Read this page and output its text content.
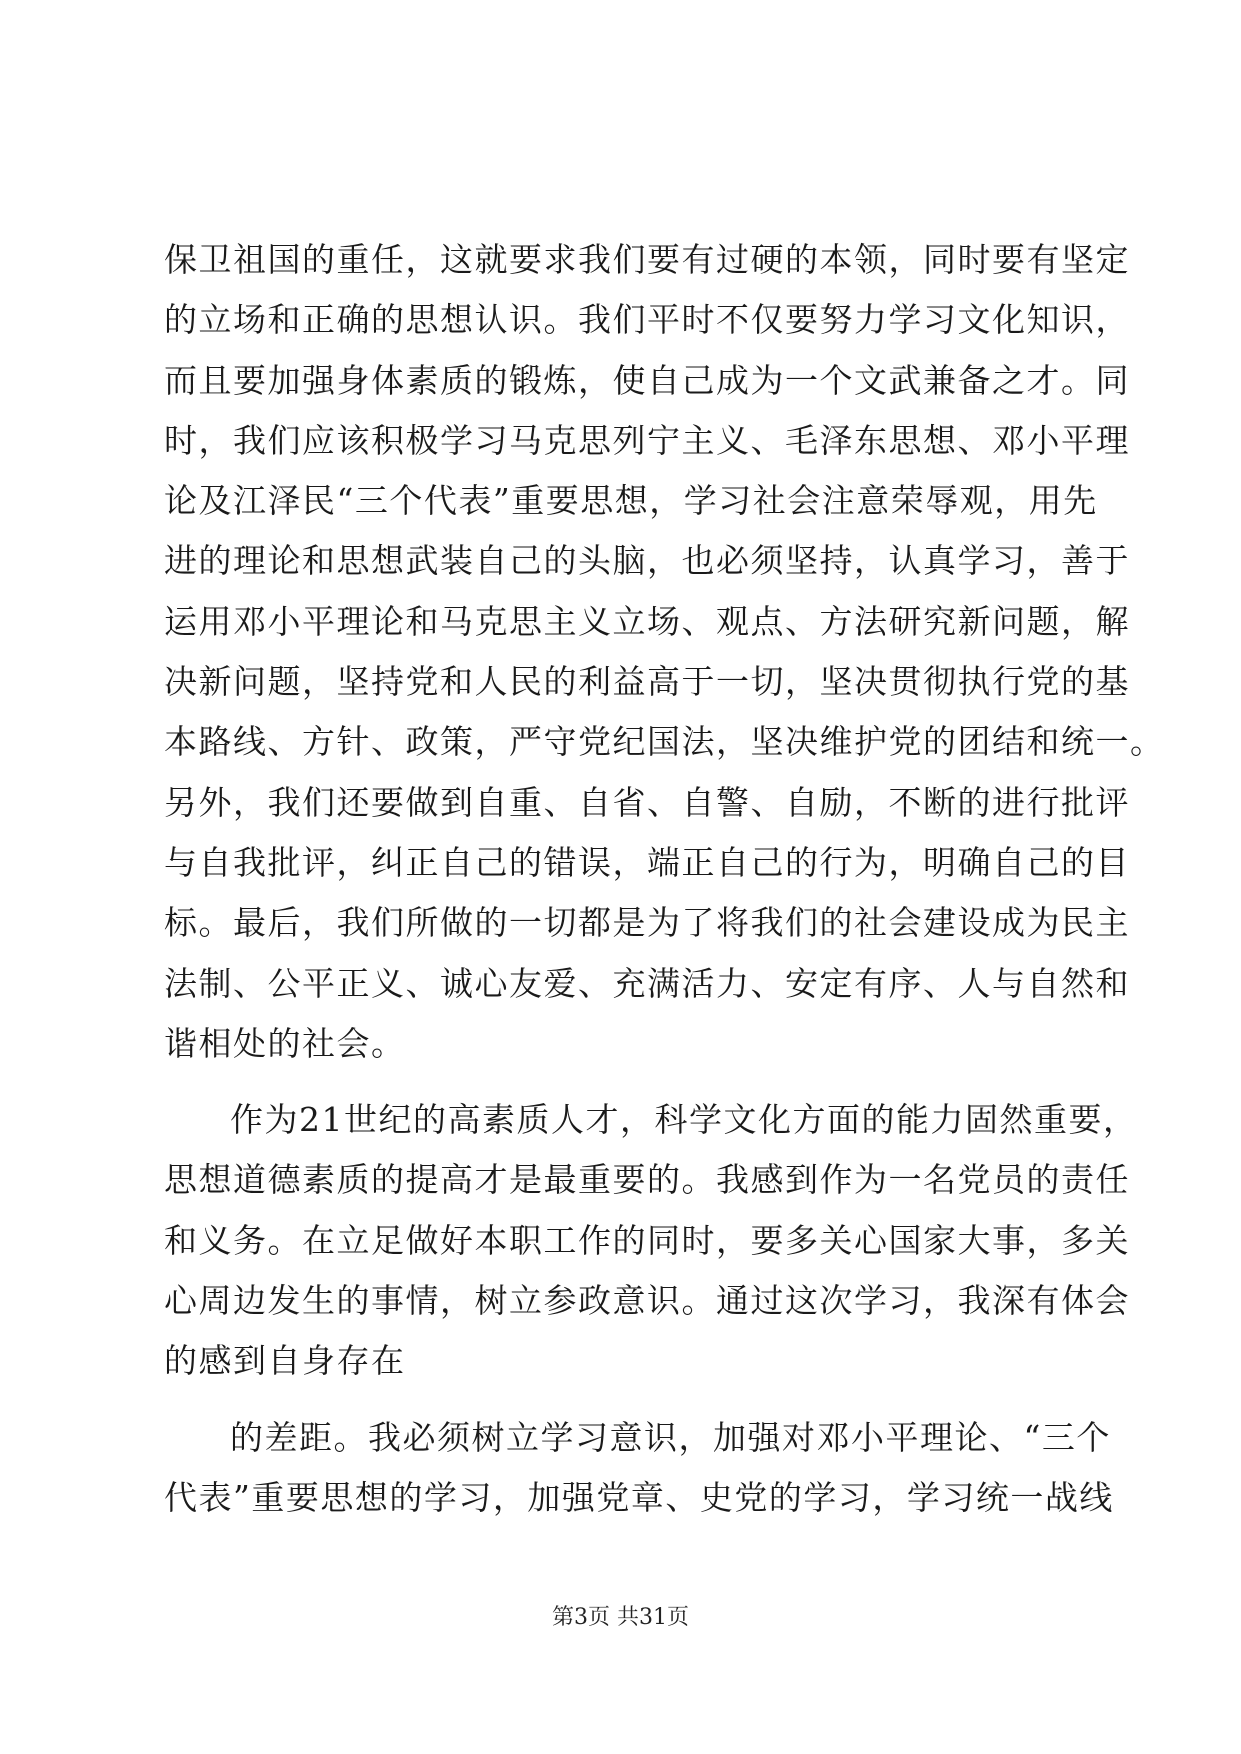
保卫祖国的重任，这就要求我们要有过硬的本领，同时要有坚定
的立场和正确的思想认识。我们平时不仅要努力学习文化知识，
而且要加强身体素质的锻炼，使自己成为一个文武兼备之才。同
时，我们应该积极学习马克思列宁主义、毛泽东思想、邓小平理
论及江泽民“三个代表”重要思想，学习社会注意荣辱观，用先
进的理论和思想武装自己的头脑，也必须坚持，认真学习，善于
运用邓小平理论和马克思主义立场、观点、方法研究新问题，解
决新问题，坚持党和人民的利益高于一切，坚决贯彻执行党的基
本路线、方针、政策，严守党纪国法，坚决维护党的团结和统一。
另外，我们还要做到自重、自省、自警、自励，不断的进行批评
与自我批评，纠正自己的错误，端正自己的行为，明确自己的目
标。最后，我们所做的一切都是为了将我们的社会建设成为民主
法制、公平正义、诚心友爱、充满活力、安定有序、人与自然和
谐相处的社会。
作为21世纪的高素质人才，科学文化方面的能力固然重要，
思想道德素质的提高才是最重要的。我感到作为一名党员的责任
和义务。在立足做好本职工作的同时，要多关心国家大事，多关
心周边发生的事情，树立参政意识。通过这次学习，我深有体会
的感到自身存在
的差距。我必须树立学习意识，加强对邓小平理论、“三个
代表”重要思想的学习，加强党章、史党的学习，学习统一战线
第3页 共31页
